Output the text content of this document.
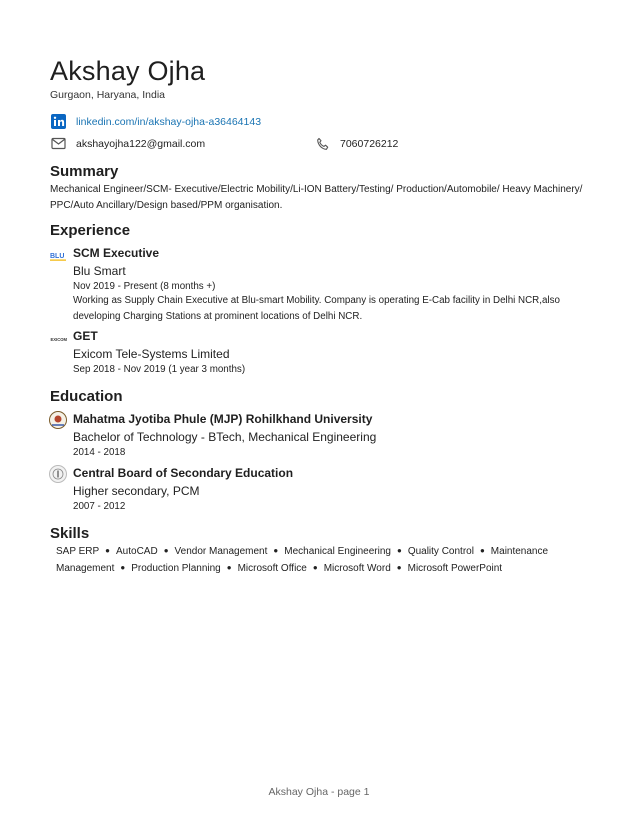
Akshay Ojha
Gurgaon, Haryana, India
linkedin.com/in/akshay-ojha-a36464143
akshayojha122@gmail.com	7060726212
Summary
Mechanical Engineer/SCM- Executive/Electric Mobility/Li-ION Battery/Testing/ Production/Automobile/ Heavy Machinery/ PPC/Auto Ancillary/Design based/PPM organisation.
Experience
BLU SCM Executive
Blu Smart
Nov 2019 - Present (8 months +)
Working as Supply Chain Executive at Blu-smart Mobility. Company is operating E-Cab facility in Delhi NCR,also developing Charging Stations at prominent locations of Delhi NCR.
EXICOM GET
Exicom Tele-Systems Limited
Sep 2018 - Nov 2019 (1 year 3 months)
Education
Mahatma Jyotiba Phule (MJP) Rohilkhand University
Bachelor of Technology - BTech, Mechanical Engineering
2014 - 2018
Central Board of Secondary Education
Higher secondary, PCM
2007 - 2012
Skills
SAP ERP ● AutoCAD ● Vendor Management ● Mechanical Engineering ● Quality Control ● Maintenance Management ● Production Planning ● Microsoft Office ● Microsoft Word ● Microsoft PowerPoint
Akshay Ojha - page 1
